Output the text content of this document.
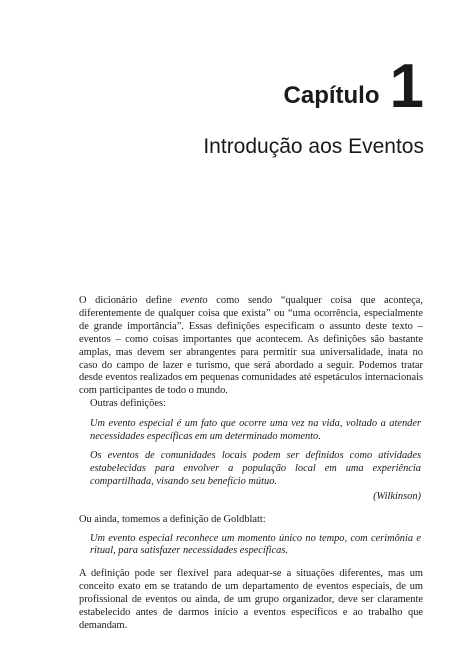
Capítulo 1
Introdução aos Eventos

O dicionário define evento como sendo “qualquer coisa que aconteça, diferentemente de qualquer coisa que exista” ou “uma ocorrência, especialmente de grande importância”. Essas definições especificam o assunto deste texto – eventos – como coisas importantes que acontecem. As definições são bastante amplas, mas devem ser abrangentes para permitir sua universalidade, inata no caso do campo de lazer e turismo, que será abordado a seguir. Podemos tratar desde eventos realizados em pequenas comunidades até espetáculos internacionais com participantes de todo o mundo.

Outras definições:

Um evento especial é um fato que ocorre uma vez na vida, voltado a atender necessidades específicas em um determinado momento.

Os eventos de comunidades locais podem ser definidos como atividades estabelecidas para envolver a população local em uma experiência compartilhada, visando seu benefício mútuo.

(Wilkinson)

Ou ainda, tomemos a definição de Goldblatt:

Um evento especial reconhece um momento único no tempo, com cerimônia e ritual, para satisfazer necessidades específicas.

A definição pode ser flexível para adequar-se a situações diferentes, mas um conceito exato em se tratando de um departamento de eventos especiais, de um profissional de eventos ou ainda, de um grupo organizador, deve ser claramente estabelecido antes de darmos início a eventos específicos e ao trabalho que demandam.
